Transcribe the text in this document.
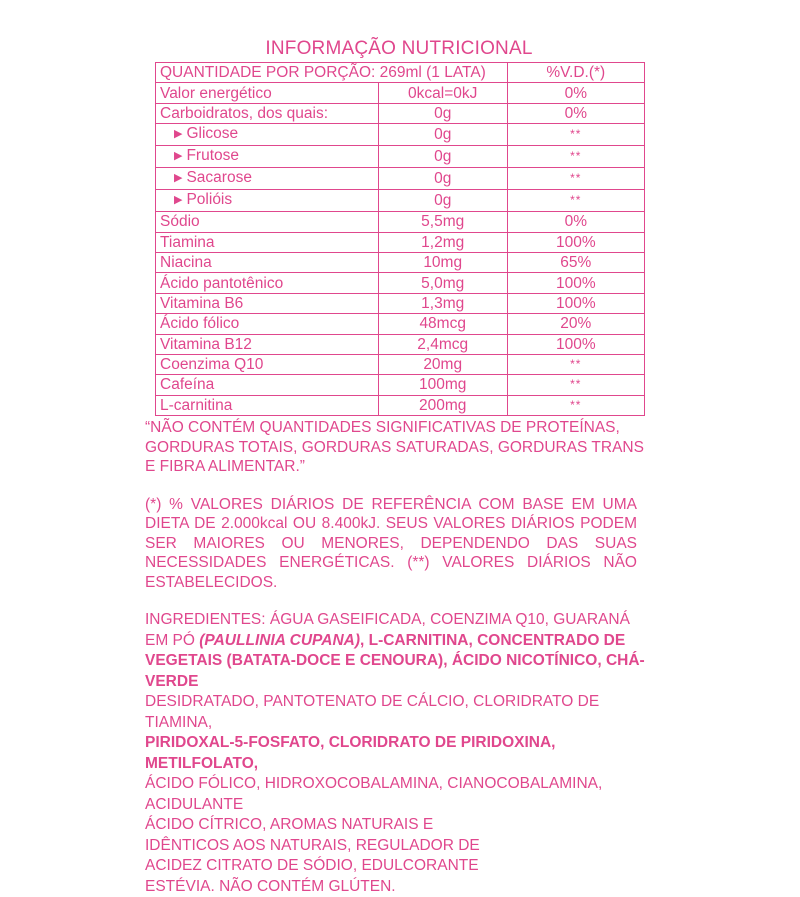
INFORMAÇÃO NUTRICIONAL
QUANTIDADE POR PORÇÃO: 269ml (1 LATA)		%V.D.(*)
Valor energético	0kcal=0kJ	0%
Carboidratos, dos quais:	0g	0%
▶ Glicose	0g	**
▶ Frutose	0g	**
▶ Sacarose	0g	**
▶ Polióis	0g	**
Sódio	5,5mg	0%
Tiamina	1,2mg	100%
Niacina	10mg	65%
Ácido pantotênico	5,0mg	100%
Vitamina B6	1,3mg	100%
Ácido fólico	48mcg	20%
Vitamina B12	2,4mcg	100%
Coenzima Q10	20mg	**
Cafeína	100mg	**
L-carnitina	200mg	**

“NÃO CONTÉM QUANTIDADES SIGNIFICATIVAS DE PROTEÍNAS, GORDURAS TOTAIS, GORDURAS SATURADAS, GORDURAS TRANS E FIBRA ALIMENTAR.”

(*) % VALORES DIÁRIOS DE REFERÊNCIA COM BASE EM UMA DIETA DE 2.000kcal OU 8.400kJ. SEUS VALORES DIÁRIOS PODEM SER MAIORES OU MENORES, DEPENDENDO DAS SUAS NECESSIDADES ENERGÉTICAS. (**) VALORES DIÁRIOS NÃO ESTABELECIDOS.

INGREDIENTES: ÁGUA GASEIFICADA, COENZIMA Q10, GUARANÁ
EM PÓ (PAULLINIA CUPANA), L-CARNITINA, CONCENTRADO DE
VEGETAIS (BATATA-DOCE E CENOURA), ÁCIDO NICOTÍNICO, CHÁ-VERDE
DESIDRATADO, PANTOTENATO DE CÁLCIO, CLORIDRATO DE TIAMINA,
PIRIDOXAL-5-FOSFATO, CLORIDRATO DE PIRIDOXINA, METILFOLATO,
ÁCIDO FÓLICO, HIDROXOCOBALAMINA, CIANOCOBALAMINA, ACIDULANTE
ÁCIDO CÍTRICO, AROMAS NATURAIS E
IDÊNTICOS AOS NATURAIS, REGULADOR DE
ACIDEZ CITRATO DE SÓDIO, EDULCORANTE
ESTÉVIA. NÃO CONTÉM GLÚTEN.
